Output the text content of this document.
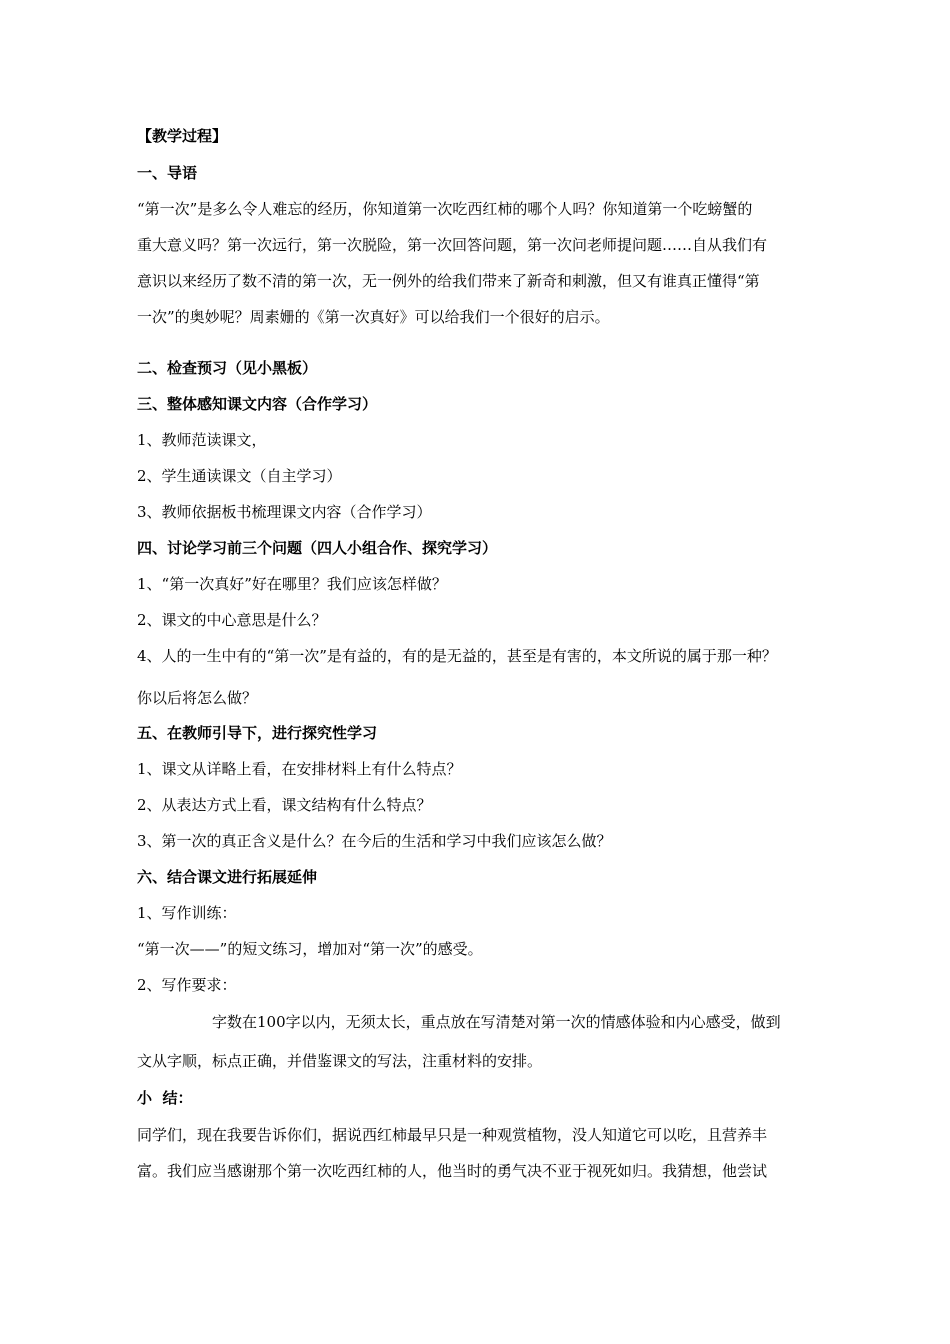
【教学过程】
一、导语
“第一次”是多么令人难忘的经历，你知道第一次吃西红柿的哪个人吗？你知道第一个吃螃蟹的
重大意义吗？第一次远行，第一次脱险，第一次回答问题，第一次问老师提问题……自从我们有
意识以来经历了数不清的第一次，无一例外的给我们带来了新奇和刺激，但又有谁真正懂得“第
一次”的奥妙呢？周素姗的《第一次真好》可以给我们一个很好的启示。
二、检查预习（见小黑板）
三、整体感知课文内容（合作学习）
1、教师范读课文，
2、学生通读课文（自主学习）
3、教师依据板书梳理课文内容（合作学习）
四、讨论学习前三个问题（四人小组合作、探究学习）
1、“第一次真好”好在哪里？我们应该怎样做？
2、课文的中心意思是什么？
4、人的一生中有的“第一次”是有益的，有的是无益的，甚至是有害的，本文所说的属于那一种？
你以后将怎么做？
五、在教师引导下，进行探究性学习
1、课文从详略上看，在安排材料上有什么特点？
2、从表达方式上看，课文结构有什么特点？
3、第一次的真正含义是什么？在今后的生活和学习中我们应该怎么做？
六、结合课文进行拓展延伸
1、写作训练：
“第一次——”的短文练习，增加对“第一次”的感受。
2、写作要求：
字数在100字以内，无须太长，重点放在写清楚对第一次的情感体验和内心感受，做到
文从字顺，标点正确，并借鉴课文的写法，注重材料的安排。
小  结：
同学们，现在我要告诉你们，据说西红柿最早只是一种观赏植物，没人知道它可以吃，且营养丰
富。我们应当感谢那个第一次吃西红柿的人，他当时的勇气决不亚于视死如归。我猜想，他尝试
